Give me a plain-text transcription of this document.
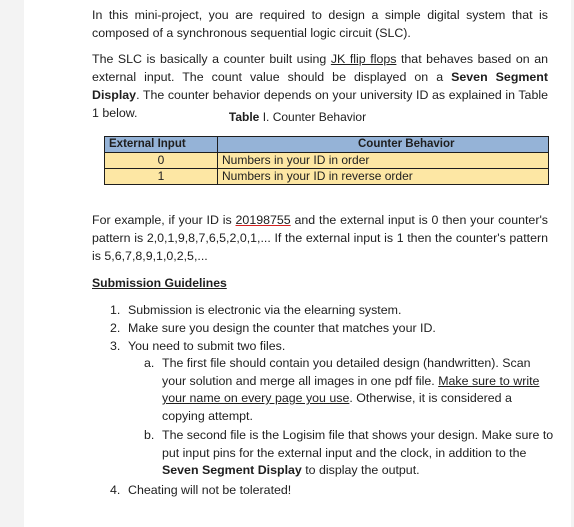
In this mini-project, you are required to design a simple digital system that is composed of a synchronous sequential logic circuit (SLC).
The SLC is basically a counter built using JK flip flops that behaves based on an external input. The count value should be displayed on a Seven Segment Display. The counter behavior depends on your university ID as explained in Table 1 below.	Table I. Counter Behavior
External Input	Counter Behavior
0	Numbers in your ID in order
1	Numbers in your ID in reverse order
For example, if your ID is 20198755 and the external input is 0 then your counter's pattern is 2,0,1,9,8,7,6,5,2,0,1,... If the external input is 1 then the counter's pattern is 5,6,7,8,9,1,0,2,5,...
Submission Guidelines
1. Submission is electronic via the elearning system.
2. Make sure you design the counter that matches your ID.
3. You need to submit two files.
4. Cheating will not be tolerated!
a. The first file should contain you detailed design (handwritten). Scan your solution and merge all images in one pdf file. Make sure to write your name on every page you use. Otherwise, it is considered a copying attempt.
b. The second file is the Logisim file that shows your design. Make sure to put input pins for the external input and the clock, in addition to the Seven Segment Display to display the output.
